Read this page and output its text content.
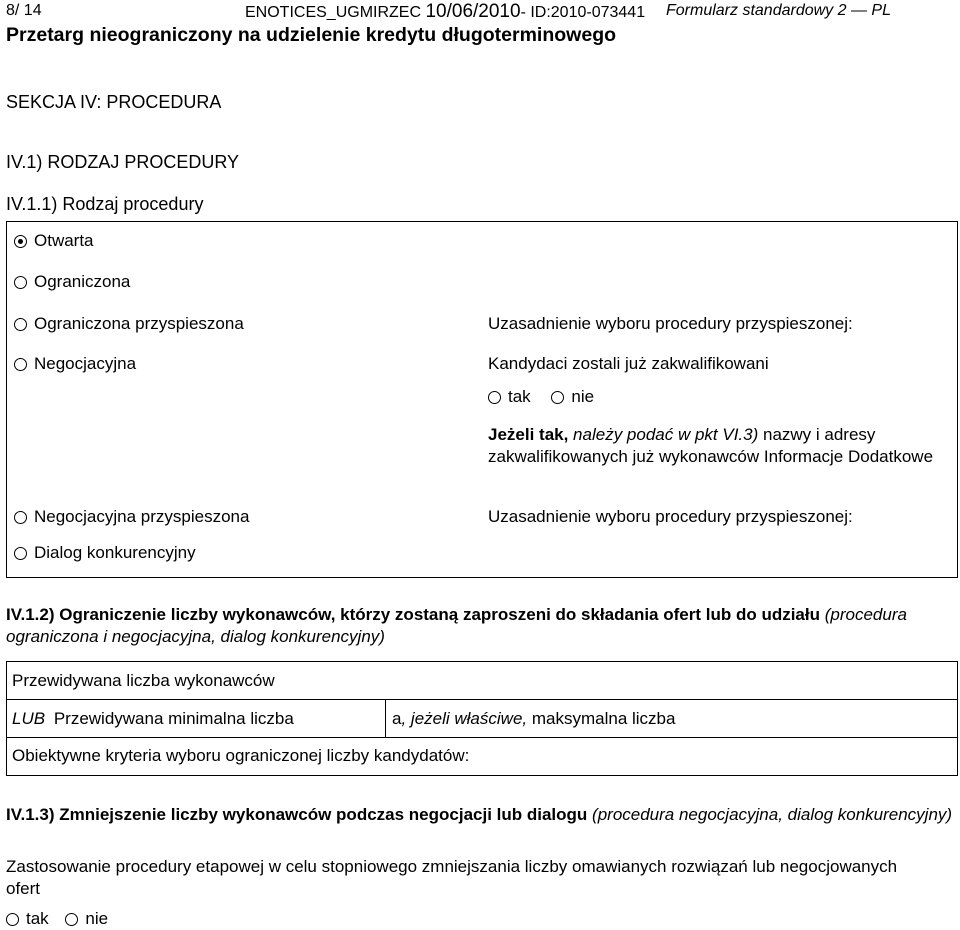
8/ 14	ENOTICES_UGMIRZEC 10/06/2010- ID:2010-073441 Formularz standardowy 2 — PL
Przetarg nieograniczony na udzielenie kredytu długoterminowego
SEKCJA IV: PROCEDURA
IV.1) RODZAJ PROCEDURY
IV.1.1) Rodzaj procedury
Otwarta
Ograniczona
Ograniczona przyspieszona
Negocjacyjna
Negocjacyjna przyspieszona
Dialog konkurencyjny
Uzasadnienie wyboru procedury przyspieszonej:
Kandydaci zostali już zakwalifikowani
tak nie
Jeżeli tak, należy podać w pkt VI.3) nazwy i adresy zakwalifikowanych już wykonawców Informacje Dodatkowe
Uzasadnienie wyboru procedury przyspieszonej:
IV.1.2) Ograniczenie liczby wykonawców, którzy zostaną zaproszeni do składania ofert lub do udziału (procedura ograniczona i negocjacyjna, dialog konkurencyjny)
Przewidywana liczba wykonawców
LUB Przewidywana minimalna liczba	a, jeżeli właściwe, maksymalna liczba
Obiektywne kryteria wyboru ograniczonej liczby kandydatów:
IV.1.3) Zmniejszenie liczby wykonawców podczas negocjacji lub dialogu (procedura negocjacyjna, dialog konkurencyjny)
Zastosowanie procedury etapowej w celu stopniowego zmniejszania liczby omawianych rozwiązań lub negocjowanych ofert
tak nie
